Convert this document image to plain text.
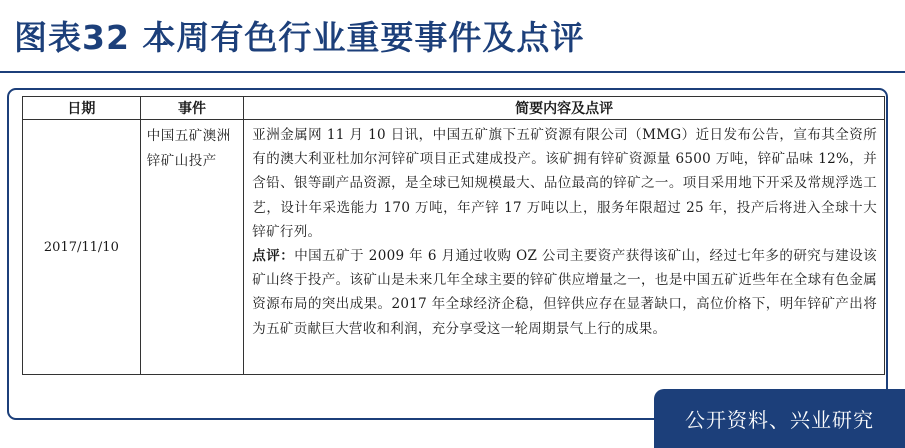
图表32 本周有色行业重要事件及点评
日期	事件	简要内容及点评
2017/11/10	中国五矿澳洲锌矿山投产	亚洲金属网 11 月 10 日讯，中国五矿旗下五矿资源有限公司（MMG）近日发布公告，宣布其全资所有的澳大利亚杜加尔河锌矿项目正式建成投产。该矿拥有锌矿资源量 6500 万吨，锌矿品味 12%，并含铅、银等副产品资源，是全球已知规模最大、品位最高的锌矿之一。项目采用地下开采及常规浮选工艺，设计年采选能力 170 万吨，年产锌 17 万吨以上，服务年限超过 25 年，投产后将进入全球十大锌矿行列。
点评：中国五矿于 2009 年 6 月通过收购 OZ 公司主要资产获得该矿山，经过七年多的研究与建设该矿山终于投产。该矿山是未来几年全球主要的锌矿供应增量之一，也是中国五矿近些年在全球有色金属资源布局的突出成果。2017 年全球经济企稳，但锌供应存在显著缺口，高位价格下，明年锌矿产出将为五矿贡献巨大营收和利润，充分享受这一轮周期景气上行的成果。
公开资料、兴业研究
